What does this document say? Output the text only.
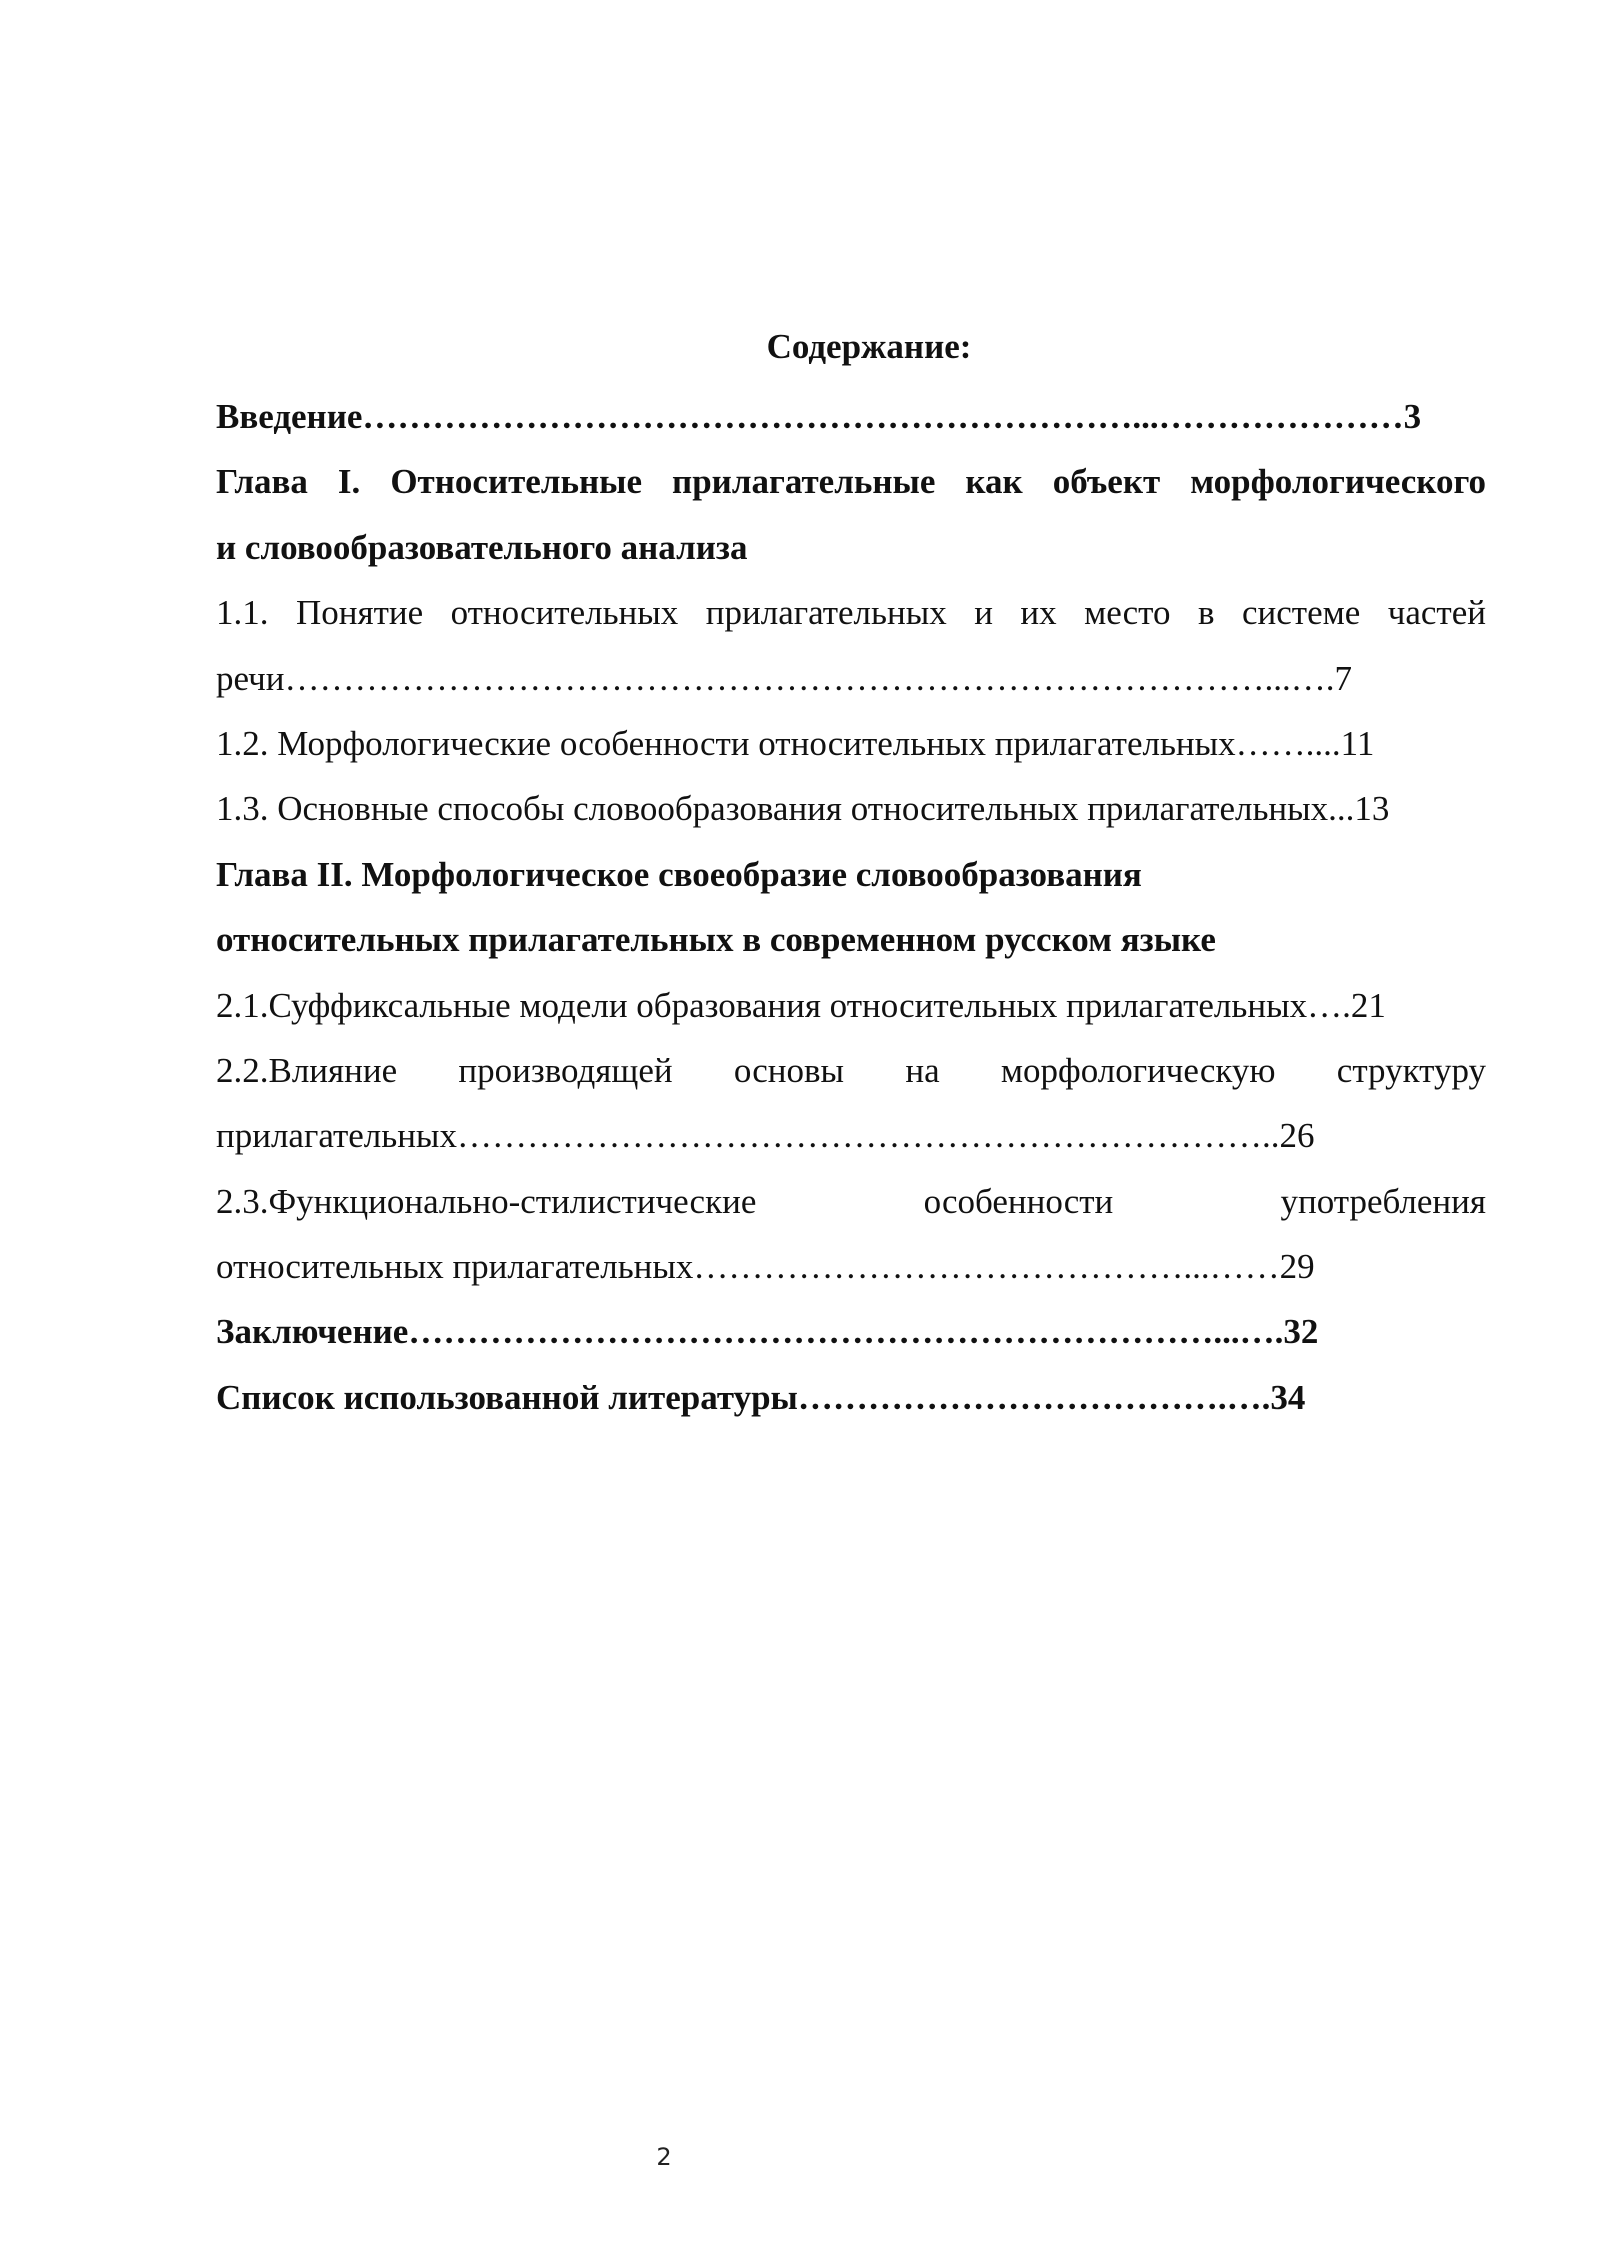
Содержание:
Введение…………………………………………………………...…………………3
Глава I. Относительные прилагательные как объект морфологического
и словообразовательного анализа
1.1. Понятие относительных прилагательных и их место в системе частей
речи…………………………………………………………………………...….7
1.2. Морфологические особенности относительных прилагательных……....11
1.3. Основные способы словообразования относительных прилагательных...13
Глава II. Морфологическое своеобразие словообразования
относительных прилагательных в современном русском языке
2.1.Суффиксальные модели образования относительных прилагательных….21
2.2.Влияние производящей основы на морфологическую структуру
прилагательных……………………………………………………………..26
2.3.Функционально-стилистические особенности употребления
относительных прилагательных……………………………………...……29
Заключение……………………………………………………………...….32
Список использованной литературы……………………………….….34
2
